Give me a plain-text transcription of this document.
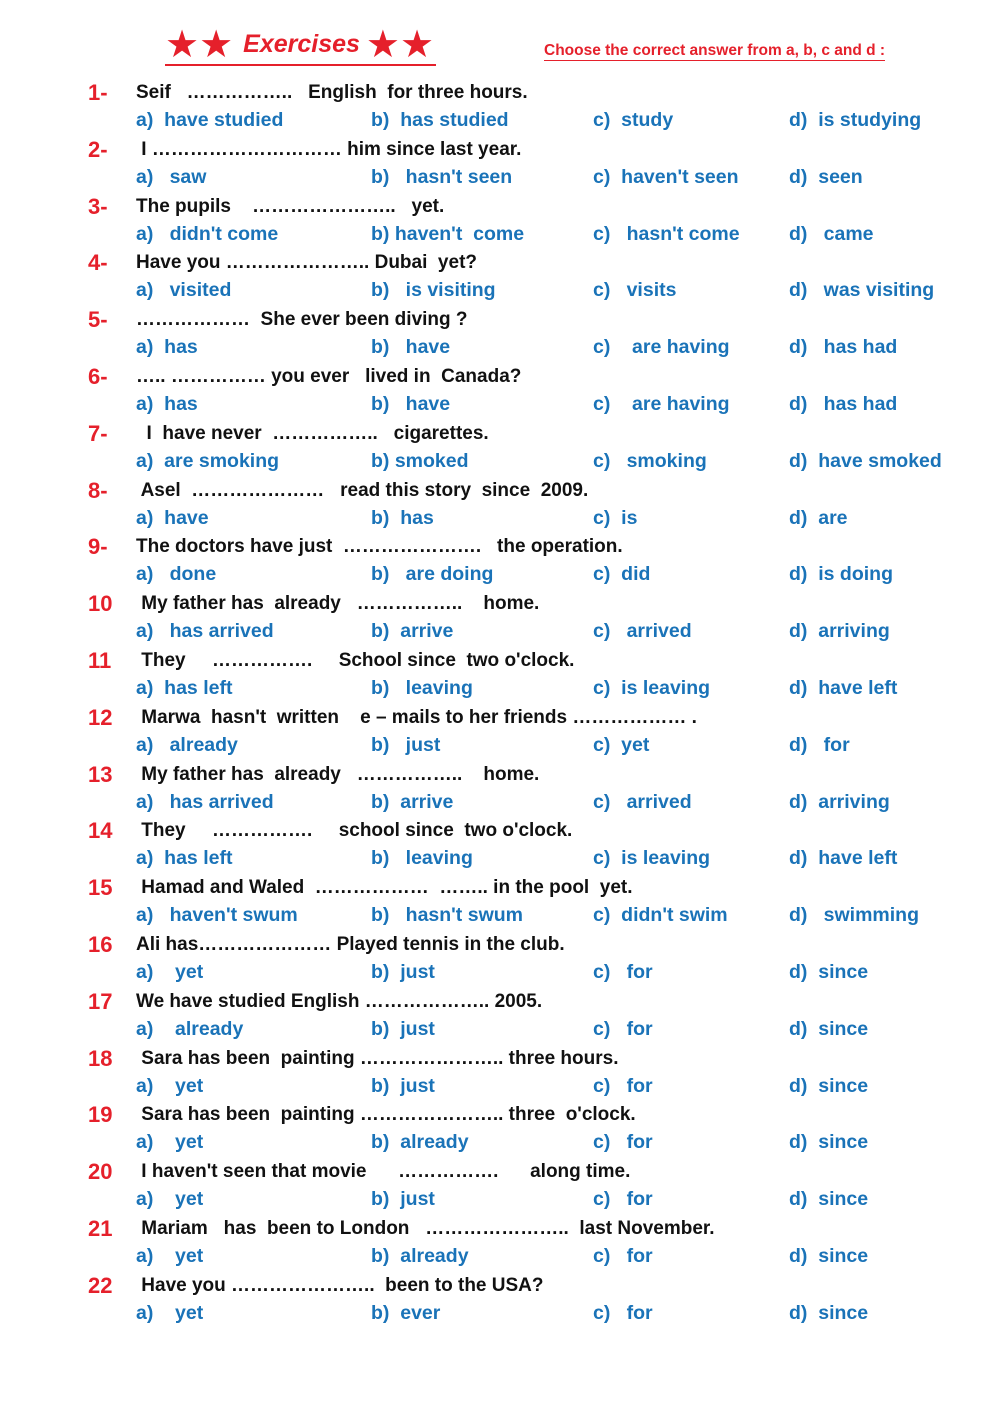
★★ Exercises ★★	Choose the correct answer from a, b, c and d :
1- Seif   ……………..   English  for three hours.
a)  have studied	b)  has studied	c)  study	d)  is studying
2- I ………………………… him since last year.
a)   saw	b)   hasn't seen	c)  haven't seen	d)  seen
3- The pupils    …………………..   yet.
a)   didn't come	b) haven't  come	c)   hasn't come	d)   came
4- Have you ………………….. Dubai  yet?
a)   visited	b)   is visiting	c)   visits	d)   was visiting
5- ………………  She ever been diving ?
a)  has	b)   have	c)    are having	d)   has had
6- ….. …………… you ever   lived in  Canada?
a)  has	b)   have	c)    are having	d)   has had
7- I  have never  ……………..   cigarettes.
a)  are smoking	b) smoked	c)   smoking	d)  have smoked
8- Asel  …………………   read this story  since  2009.
a)  have	b)  has	c)  is	d)  are
9- The doctors have just  ………………….   the operation.
a)   done	b)   are doing	c)  did	d)  is doing
10 My father has  already   ……………..    home.
a)   has arrived	b)  arrive	c)   arrived	d)  arriving
11 They     …………….     School since  two o'clock.
a)  has left	b)   leaving	c)  is leaving	d)  have left
12 Marwa  hasn't  written    e – mails to her friends ……………… .
a)   already	b)   just	c)  yet	d)   for
13 My father has  already   ……………..    home.
a)   has arrived	b)  arrive	c)   arrived	d)  arriving
14 They     …………….     school since  two o'clock.
a)  has left	b)   leaving	c)  is leaving	d)  have left
15 Hamad and Waled  ………………  …….. in the pool  yet.
a)   haven't swum	b)   hasn't swum	c)  didn't swim	d)   swimming
16 Ali has………………… Played tennis in the club.
a)    yet	b)  just	c)   for	d)  since
17 We have studied English ……………….. 2005.
a)    already	b)  just	c)   for	d)  since
18 Sara has been  painting ………………….. three hours.
a)    yet	b)  just	c)   for	d)  since
19 Sara has been  painting ………………….. three  o'clock.
a)    yet	b)  already	c)   for	d)  since
20 I haven't seen that movie      …………….      along time.
a)    yet	b)  just	c)   for	d)  since
21 Mariam   has  been to London   …………………..  last November.
a)    yet	b)  already	c)   for	d)  since
22 Have you …………………..  been to the USA?
a)    yet	b)  ever	c)   for	d)  since
